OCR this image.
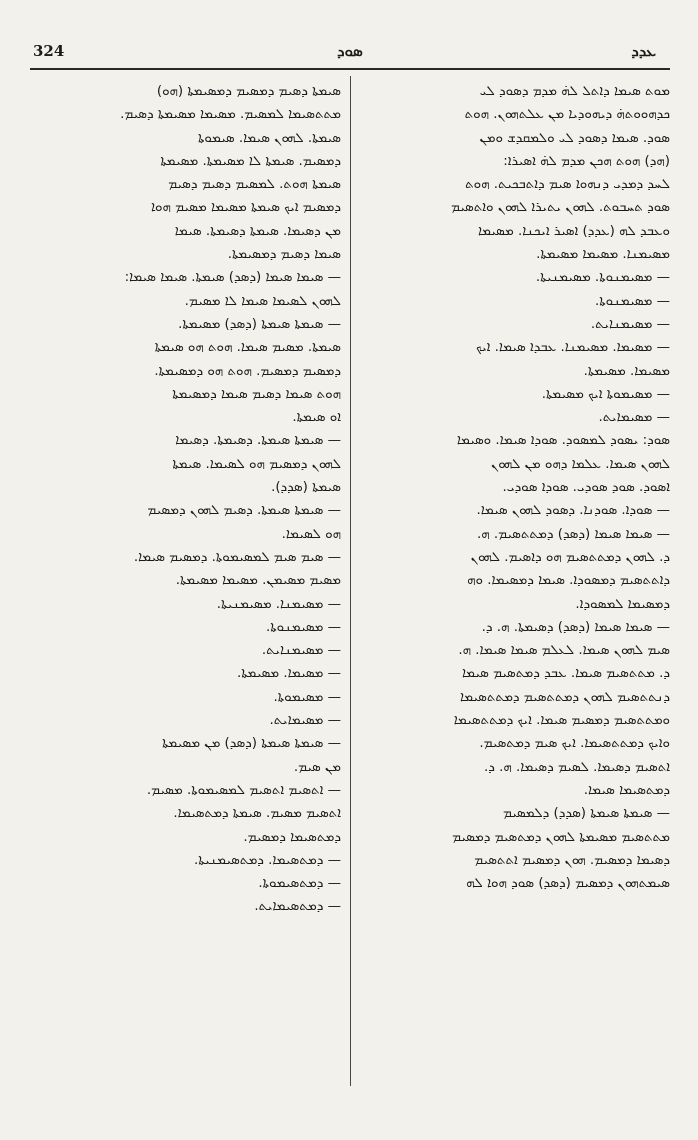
324	ܣܘܕ	ܥܕܕ
ܡܘܬ ܣܝܡܐ ܕܐܬܠ ܠܗ̇ ܡܕܡ ܕܣܘܕ ܠܝ
ܟܕܗܘܘܬܗ̇ ܕܝܗܘܕܝܐ ܡܢ ܥܠܬܗܘܢ. ܗܘܬ
ܣܘܕ. ܣܝܡܐ ܕܣܘܕ ܠܝ ܘܠܡܩܕܫ ܘܡܢ
(ܗܕ) ܗܘܬ ܗܟܢ ܡܕܡ ܠܗ̇ ܐܣܝܪܐ:
ܠܚܕ ܕܡܕܝ ܕܢܗܘܐ ܣܝܡ ܕܐܬܒܟܝܬ. ܗܘܬ
ܣܘܕ ܬܚܒܘܬ. ܠܗܘܢ ܝܬܝܪܐ ܠܗܘܢ ܘܐܬܣܝܡ
ܘܥܒܕ ܠܗ (ܥܕܕ) ܐܣܝܪ ܐܝܟܢܐ. ܡܣܝܡܐ
ܡܣܝܡܢܐ. ܡܣܝܡܐ ܡܣܝܡܬܐ.
— ܡܣܝܡܢܘܬܐ. ܡܣܝܡܢܝܬܐ.
— ܡܣܝܡܢܘܬܐ.
— ܡܣܝܡܢܐܝܬ.
— ܡܣܝܡܐ. ܡܣܝܡܢܐ. ܥܒܕܐ ܣܝܡܐ. ܐܝܟ
ܡܣܝܡܐ. ܡܣܝܡܬܐ.
— ܡܣܝܡܘܬܐ ܐܝܟ ܡܣܝܡܬܐ.
— ܡܣܝܡܐܝܬ.
ܣܘܕ: ܝܣܘܕ ܠܡܣܘܕ. ܣܘܕܐ ܣܝܡܐ. ܘܣܝܡܐ
ܠܗܘܢ ܣܝܡܐ. ܥܠܡܐ ܕܗܘ ܡܢ ܠܗܘܢ
ܐܣܘܕ. ܣܘܕ ܣܘܕܝ. ܣܘܕܐ ܣܘܕܝ.
— ܣܘܕܐ. ܣܘܕܢܐ. ܕܣܘܕ ܠܗܘܢ ܣܝܡܐ.
— ܣܝܡܐ ܣܝܡܐ (ܕܣܕ) ܕܡܬܬܣܝܡ. ܗ.
ܕ. ܠܗܘܢ ܕܡܬܬܣܝܡ ܗܘ ܕܐܣܝܡ. ܠܗܘܢ
ܕܐܬܬܣܝܡ ܕܡܣܘܕܐ. ܣܝܡܐ ܕܡܣܝܡܐ. ܘܗ
ܕܡܣܝܡܐ ܠܡܣܘܕܐ.
— ܣܝܡܐ ܣܝܡܐ (ܕܣܕ) ܕܣܝܡܬܐ. ܗ. ܕ.
ܣܝܡ ܠܗܘܢ ܣܝܡܐ. ܠܥܠܡ ܣܝܡܐ ܣܝܡܐ. ܗ.
ܕ. ܡܬܬܣܝܡ ܣܝܡܐ. ܥܒܕ ܕܡܬܣܝܡ ܣܝܡܐ
ܕܢܬܬܣܝܡ ܠܗܘܢ ܕܡܬܬܣܝܡ ܕܡܬܬܣܝܡܐ
ܘܡܬܬܣܝܡ ܕܡܣܝܡ ܣܝܡܐ. ܐܝܟ ܕܡܬܬܣܝܡܐ
ܘܐܝܟ ܕܡܬܬܣܝܡܐ. ܐܝܟ ܣܝܡ ܕܡܬܣܝܡ.
ܐܬܣܝܡ ܕܣܝܡܐ. ܠܣܝܡ ܕܣܝܡܐ. ܗ. ܕ.
ܕܡܬܣܝܡܐ ܣܝܡܐ.
— ܣܝܡܬܐ ܣܝܡܬܐ (ܣܕܕ) ܕܠܡܣܝܡ
ܡܬܬܣܝܡ ܡܣܝܡܬܐ ܠܗܘܢ ܕܡܬܣܝܡ ܕܡܣܝܡ
ܕܣܝܡܐ ܕܡܣܝܡ. ܗܘܢ ܕܡܣܝܡ ܐܬܬܣܝܡ
ܣܝܡܬܗܘܢ ܕܡܣܝܡ (ܕܣܕ) ܣܘܕ ܗܘܐ ܠܗ
ܣܝܡܬܐ ܕܣܝܡ ܕܡܣܝܡ ܕܡܣܝܡܬܐ (ܗܘ)
ܡܬܬܣܝܡܐ ܠܡܣܝܡ. ܡܣܝܡܐ ܡܣܝܡܬܐ ܕܣܝܡ.
ܣܝܡܬܐ. ܠܗܘܢ ܣܝܡܐ. ܣܝܡܘܬܐ
ܕܡܣܝܡ. ܣܝܡܬܐ ܠܐ ܡܣܝܡܬܐ. ܡܣܝܡܬܐ
ܣܝܡܬܐ ܗܘܬ. ܠܡܣܝܡ ܕܣܝܡ ܕܣܝܡ
ܕܡܣܝܡ ܐܝܟ ܣܝܡܬܐ ܡܣܝܡܐ ܡܣܝܡ ܗܘܐ
ܡܢ ܕܣܝܡܐ. ܣܝܡܬܐ ܕܣܝܡܬܐ. ܣܝܡܐ
ܣܝܡܐ ܕܣܝܡ ܕܡܣܝܡܬܐ.
— ܣܝܡܐ ܣܝܡܐ (ܕܣܕ) ܣܝܡܬܐ. ܣܝܡܐ ܣܝܡܐ:
ܠܗܘܢ ܠܣܝܡܐ ܣܝܡܐ ܠܐ ܡܣܝܡ.
— ܣܝܡܬܐ ܣܝܡܬܐ (ܕܣܕ) ܡܣܝܡܬܐ.
ܣܝܡܬܐ. ܡܣܝܡ ܣܝܡܐ. ܗܘܬ ܗܘ ܣܝܡܬܐ
ܕܡܣܝܡ ܕܡܣܝܡ. ܗܘܬ ܗܘ ܕܡܣܝܡܬܐ.
ܗܘܬ ܣܝܡܐ ܕܣܝܡ ܣܝܡܐ ܕܡܣܝܡܬܐ
ܐܘ ܣܝܡܬܐ.
— ܣܝܡܬܐ ܣܝܡܬܐ. ܕܣܝܡܬܐ. ܕܣܝܡܐ
ܠܗܘܢ ܕܡܣܝܡ ܗܘ ܠܣܝܡܐ. ܣܝܡܬܐ
ܣܝܡܬܐ (ܣܕܕ).
— ܣܝܡܬܐ ܣܝܡܬܐ. ܕܣܝܡ ܠܗܘܢ ܕܡܣܝܡ
ܗܘ ܠܣܝܡܐ.
— ܣܝܡ ܣܝܡ ܠܡܣܝܡܘܬܐ. ܕܡܣܝܡ ܣܝܡܐ.
ܡܣܝܡ ܡܣܝܡܢ. ܡܣܝܡܐ ܡܣܝܡܬܐ.
— ܡܣܝܡܢܐ. ܡܣܝܡܢܝܬܐ.
— ܡܣܝܡܢܘܬܐ.
— ܡܣܝܡܢܐܝܬ.
— ܡܣܝܡܐ. ܡܣܝܡܬܐ.
— ܡܣܝܡܘܬܐ.
— ܡܣܝܡܐܝܬ.
— ܣܝܡܬܐ ܣܝܡܬܐ (ܕܣܕ) ܡܢ ܡܣܝܡܬܐ
ܡܢ ܣܝܡ.
— ܐܬܣܝܡ ܐܬܣܝܡ ܠܡܣܝܡܘܬܐ. ܡܣܝܡ.
ܐܬܣܝܡ ܡܣܝܡ. ܣܝܡܬܐ ܕܡܬܣܝܡܐ.
ܕܡܬܣܝܡܐ ܕܡܣܝܡ.
— ܕܡܬܣܝܡܐ. ܕܡܬܣܝܡܢܝܬܐ.
— ܕܡܬܣܝܡܘܬܐ.
— ܕܡܬܣܝܡܐܝܬ.
